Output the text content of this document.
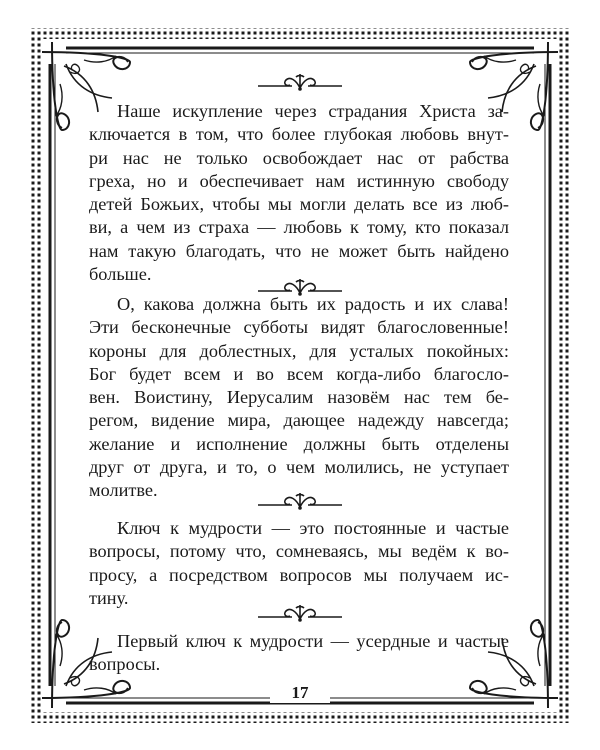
Наше искупление через страдания Христа за-
ключается в том, что более глубокая любовь внут-
ри нас не только освобождает нас от рабства
греха, но и обеспечивает нам истинную свободу
детей Божьих, чтобы мы могли делать все из люб-
ви, а чем из страха — любовь к тому, кто показал
нам такую благодать, что не может быть найдено
больше.
О, какова должна быть их радость и их слава!
Эти бесконечные субботы видят благословенные!
короны для доблестных, для усталых покойных:
Бог будет всем и во всем когда-либо благосло-
вен. Воистину, Иерусалим назовём нас тем бе-
регом, видение мира, дающее надежду навсегда;
желание и исполнение должны быть отделены
друг от друга, и то, о чем молились, не уступает
молитве.
Ключ к мудрости — это постоянные и частые
вопросы, потому что, сомневаясь, мы ведём к во-
просу, а посредством вопросов мы получаем ис-
тину.
Первый ключ к мудрости — усердные и частые
вопросы.
17
